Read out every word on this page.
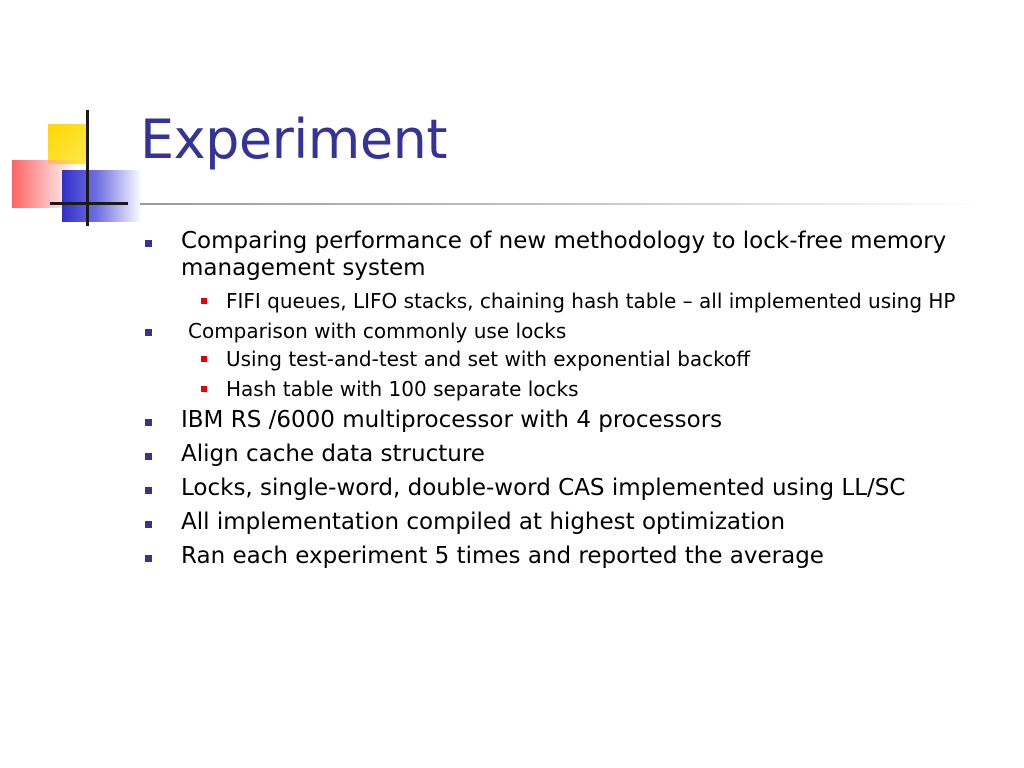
Experiment
Comparing performance of new methodology to lock-free memory management system
FIFI queues, LIFO stacks, chaining hash table – all implemented using HP
Comparison with commonly use locks
Using test-and-test and set with exponential backoff
Hash table with 100 separate locks
IBM RS /6000 multiprocessor with 4 processors
Align cache data structure
Locks, single-word, double-word CAS implemented using LL/SC
All implementation compiled at highest optimization
Ran each experiment 5 times and reported the average
